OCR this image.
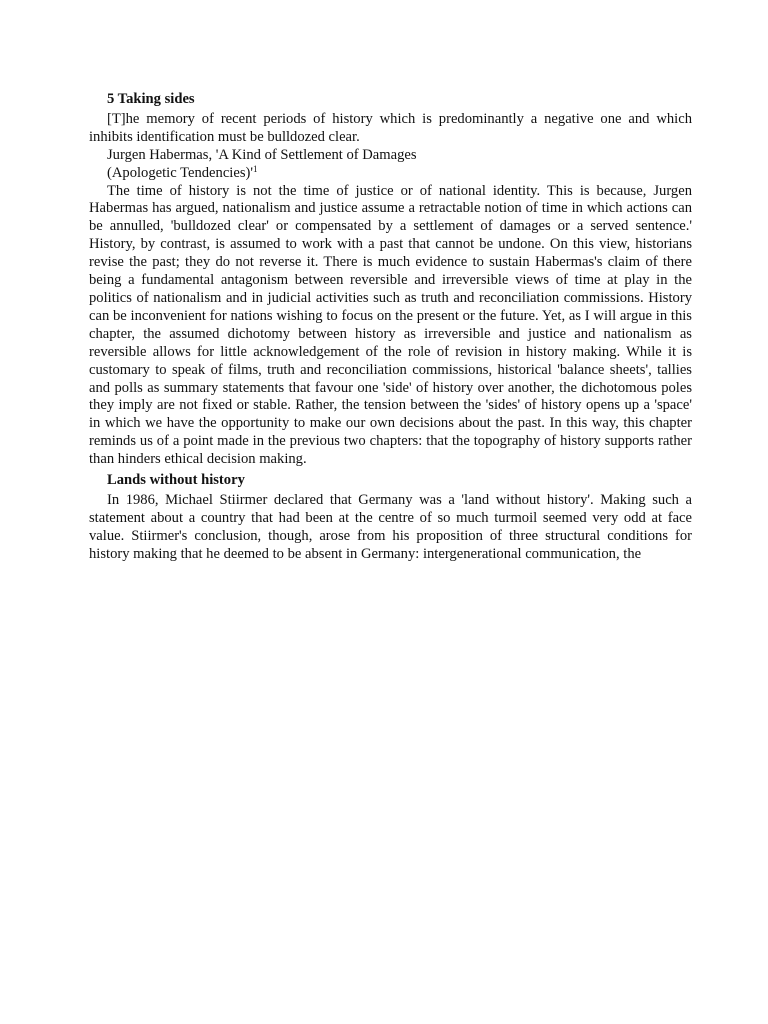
5 Taking sides

[T]he memory of recent periods of history which is predominantly a negative one and which inhibits identification must be bulldozed clear.

Jurgen Habermas, 'A Kind of Settlement of Damages

(Apologetic $Tendencies)'^1$

The time of history is not the time of justice or of national identity. This is because, Jurgen Habermas has argued, nationalism and justice assume a retractable notion of time in which actions can be annulled, 'bulldozed clear' or compensated by a settlement of damages or a served sentence.' History, by contrast, is assumed to work with a past that cannot be undone. On this view, historians revise the past; they do not reverse it. There is much evidence to sustain Habermas's claim of there being a fundamental antagonism between reversible and irreversible views of time at play in the politics of nationalism and in judicial activities such as truth and reconciliation commissions. History can be inconvenient for nations wishing to focus on the present or the future. Yet, as I will argue in this chapter, the assumed dichotomy between history as irreversible and justice and nationalism as reversible allows for little acknowledgement of the role of revision in history making. While it is customary to speak of films, truth and reconciliation commissions, historical 'balance sheets', tallies and polls as summary statements that favour one 'side' of history over another, the dichotomous poles they imply are not fixed or stable. Rather, the tension between the 'sides' of history opens up a 'space' in which we have the opportunity to make our own decisions about the past. In this way, this chapter reminds us of a point made in the previous two chapters: that the topography of history supports rather than hinders ethical decision making.

Lands without history

In 1986, Michael Stiirmer declared that Germany was a 'land without history'. Making such a statement about a country that had been at the centre of so much turmoil seemed very odd at face value. Stiirmer's conclusion, though, arose from his proposition of three structural conditions for history making that he deemed to be absent in Germany: intergenerational communication, the
